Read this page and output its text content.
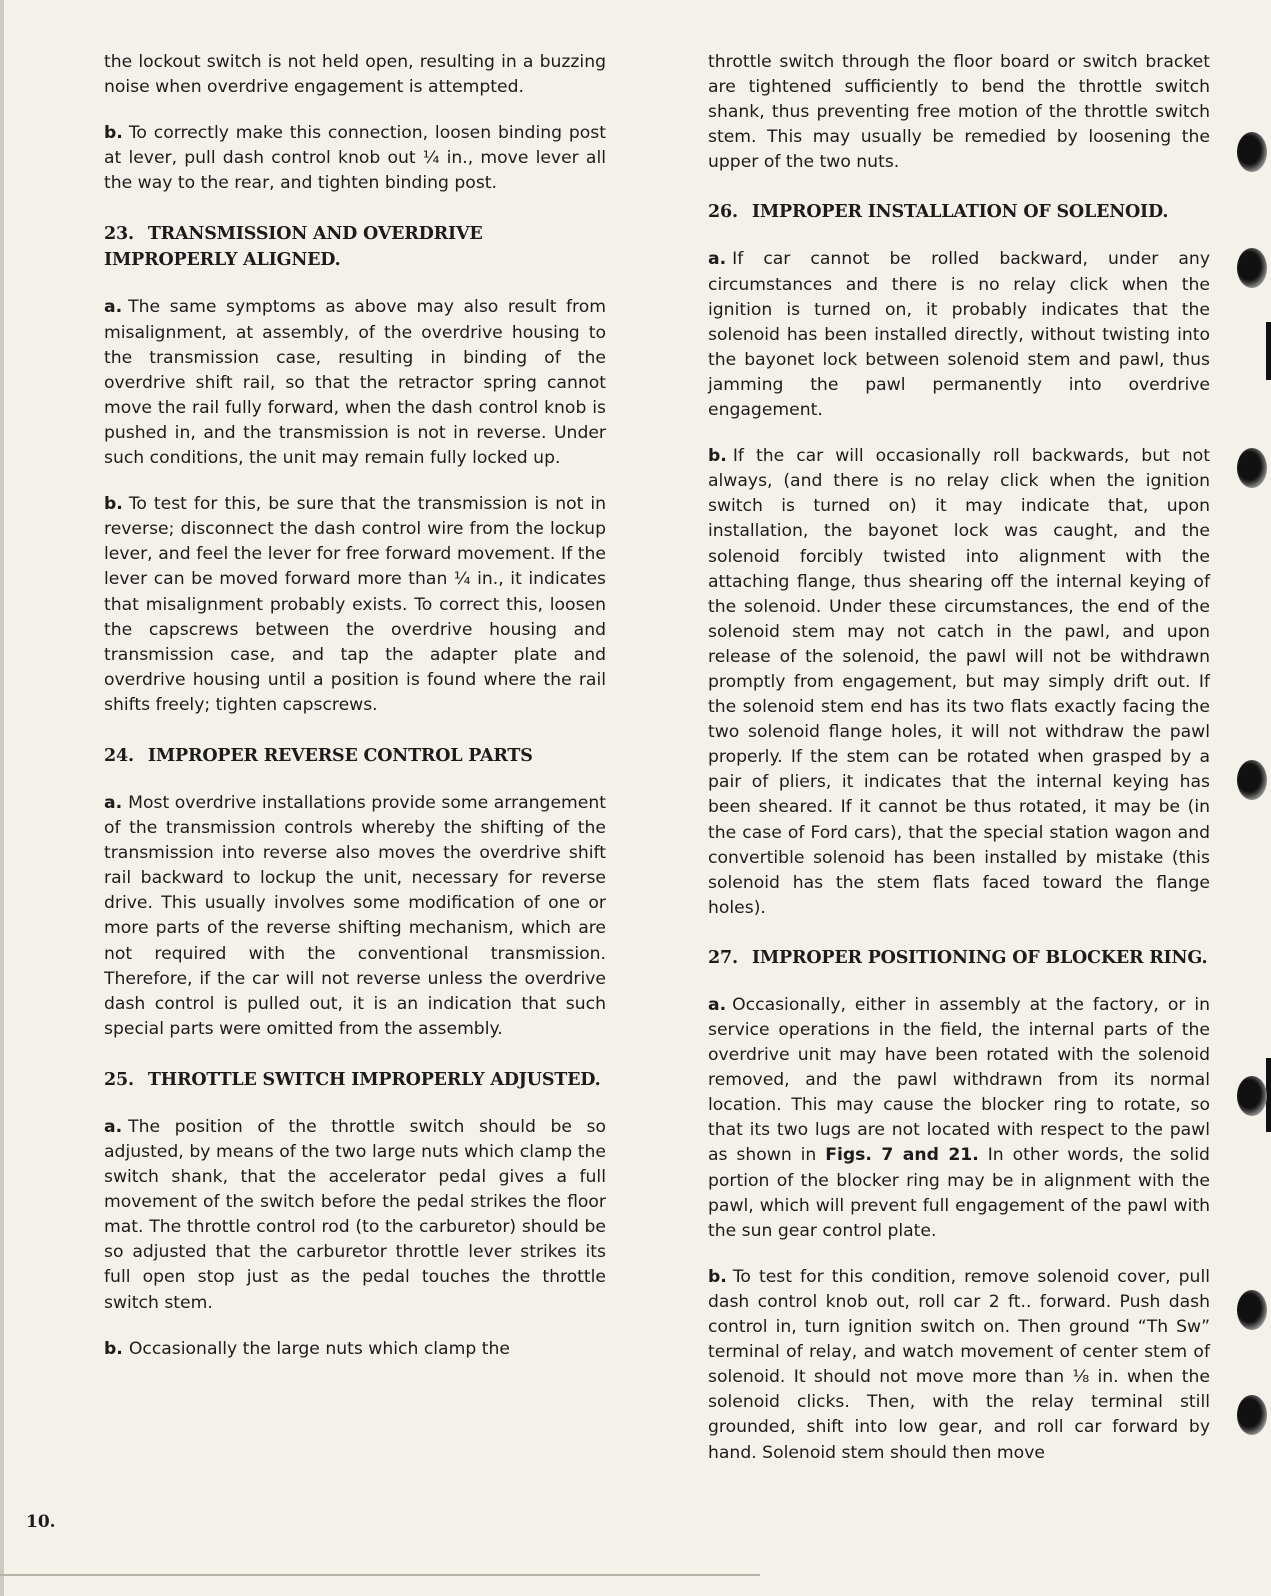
the lockout switch is not held open, resulting in a buzzing noise when overdrive engagement is attempted.

b. To correctly make this connection, loosen binding post at lever, pull dash control knob out ¼ in., move lever all the way to the rear, and tighten binding post.

23. TRANSMISSION AND OVERDRIVE IMPROPERLY ALIGNED.

a. The same symptoms as above may also result from misalignment, at assembly, of the overdrive housing to the transmission case, resulting in binding of the overdrive shift rail, so that the retractor spring cannot move the rail fully forward, when the dash control knob is pushed in, and the transmission is not in reverse. Under such conditions, the unit may remain fully locked up.

b. To test for this, be sure that the transmission is not in reverse; disconnect the dash control wire from the lockup lever, and feel the lever for free forward movement. If the lever can be moved forward more than ¼ in., it indicates that misalignment probably exists. To correct this, loosen the capscrews between the overdrive housing and transmission case, and tap the adapter plate and overdrive housing until a position is found where the rail shifts freely; tighten capscrews.

24. IMPROPER REVERSE CONTROL PARTS

a. Most overdrive installations provide some arrangement of the transmission controls whereby the shifting of the transmission into reverse also moves the overdrive shift rail backward to lockup the unit, necessary for reverse drive. This usually involves some modification of one or more parts of the reverse shifting mechanism, which are not required with the conventional transmission. Therefore, if the car will not reverse unless the overdrive dash control is pulled out, it is an indication that such special parts were omitted from the assembly.

25. THROTTLE SWITCH IMPROPERLY ADJUSTED.

a. The position of the throttle switch should be so adjusted, by means of the two large nuts which clamp the switch shank, that the accelerator pedal gives a full movement of the switch before the pedal strikes the floor mat. The throttle control rod (to the carburetor) should be so adjusted that the carburetor throttle lever strikes its full open stop just as the pedal touches the throttle switch stem.

b. Occasionally the large nuts which clamp the

throttle switch through the floor board or switch bracket are tightened sufficiently to bend the throttle switch shank, thus preventing free motion of the throttle switch stem. This may usually be remedied by loosening the upper of the two nuts.

26. IMPROPER INSTALLATION OF SOLENOID.

a. If car cannot be rolled backward, under any circumstances and there is no relay click when the ignition is turned on, it probably indicates that the solenoid has been installed directly, without twisting into the bayonet lock between solenoid stem and pawl, thus jamming the pawl permanently into overdrive engagement.

b. If the car will occasionally roll backwards, but not always, (and there is no relay click when the ignition switch is turned on) it may indicate that, upon installation, the bayonet lock was caught, and the solenoid forcibly twisted into alignment with the attaching flange, thus shearing off the internal keying of the solenoid. Under these circumstances, the end of the solenoid stem may not catch in the pawl, and upon release of the solenoid, the pawl will not be withdrawn promptly from engagement, but may simply drift out. If the solenoid stem end has its two flats exactly facing the two solenoid flange holes, it will not withdraw the pawl properly. If the stem can be rotated when grasped by a pair of pliers, it indicates that the internal keying has been sheared. If it cannot be thus rotated, it may be (in the case of Ford cars), that the special station wagon and convertible solenoid has been installed by mistake (this solenoid has the stem flats faced toward the flange holes).

27. IMPROPER POSITIONING OF BLOCKER RING.

a. Occasionally, either in assembly at the factory, or in service operations in the field, the internal parts of the overdrive unit may have been rotated with the solenoid removed, and the pawl withdrawn from its normal location. This may cause the blocker ring to rotate, so that its two lugs are not located with respect to the pawl as shown in Figs. 7 and 21. In other words, the solid portion of the blocker ring may be in alignment with the pawl, which will prevent full engagement of the pawl with the sun gear control plate.

b. To test for this condition, remove solenoid cover, pull dash control knob out, roll car 2 ft.. forward. Push dash control in, turn ignition switch on. Then ground “Th Sw” terminal of relay, and watch movement of center stem of solenoid. It should not move more than ⅛ in. when the solenoid clicks. Then, with the relay terminal still grounded, shift into low gear, and roll car forward by hand. Solenoid stem should then move

10.
